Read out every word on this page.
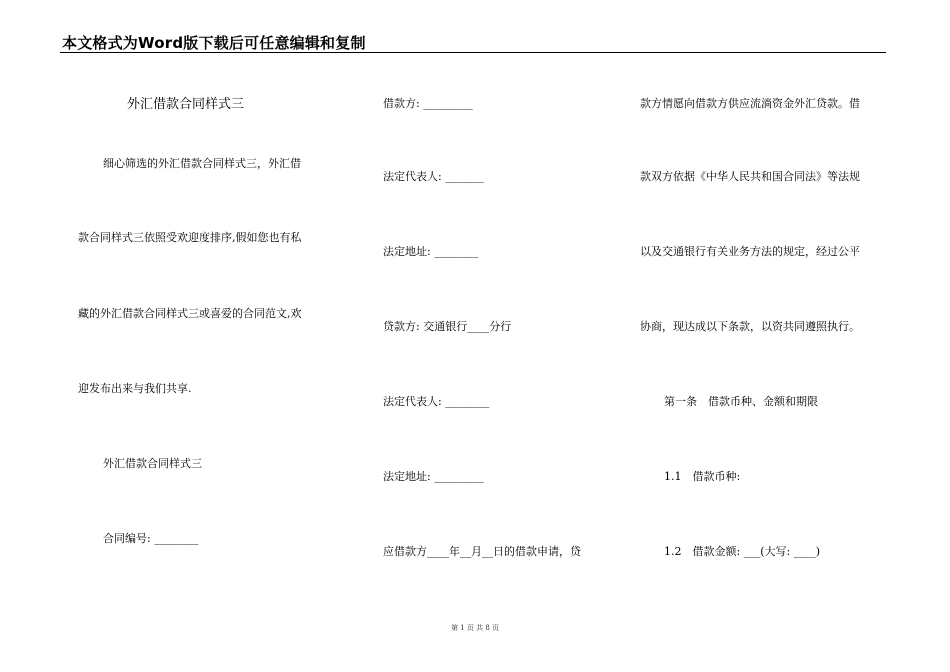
本文格式为Word版下载后可任意编辑和复制
外汇借款合同样式三
细心筛选的外汇借款合同样式三，外汇借
款合同样式三依照受欢迎度排序,假如您也有私
藏的外汇借款合同样式三或喜爱的合同范文,欢
迎发布出来与我们共享.
外汇借款合同样式三
合同编号: ________
借款方: _________
法定代表人: _______
法定地址: ________
贷款方: 交通银行____分行
法定代表人: ________
法定地址: _________
应借款方____年__月__日的借款申请，贷
款方情愿向借款方供应流淌资金外汇贷款。借
款双方依据《中华人民共和国合同法》等法规
以及交通银行有关业务方法的规定，经过公平
协商，现达成以下条款，以资共同遵照执行。
第一条　借款币种、金额和期限
1.1　借款币种:
1.2　借款金额: ___(大写: ____)
第 1 页 共 8 页
